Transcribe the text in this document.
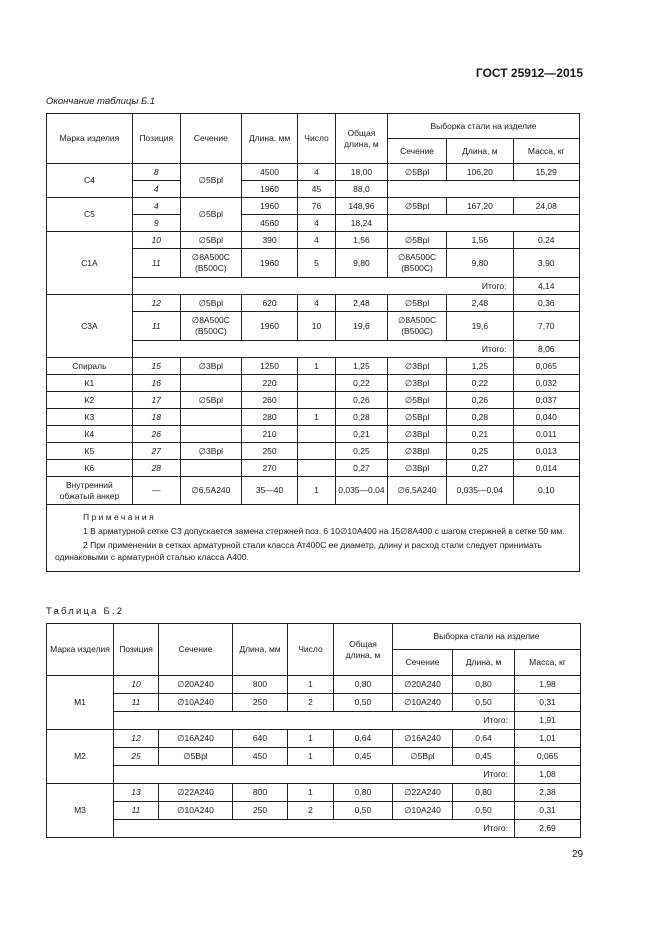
ГОСТ 25912—2015
Окончание таблицы Б.1
Марка изделия	Позиция	Сечение	Длина, мм	Число	Общая длина, м	Выборка стали на изделие		
						Сечение	Длина, м	Масса, кг
С4	8	∅5Bpl	4500	4	18,00	∅5Bpl	106,20	15,29
	4		1960	45	88,0			
С5	4	∅5Bpl	1960	76	148,96	∅5Bpl	167,20	24,08
	9		4560	4	18,24			
С1А	10	∅5Bpl	390	4	1,56	∅5Bpl	1,56	0,24
	11	∅8A500C (B500C)	1960	5	9,80	∅8A500C (B500C)	9,80	3,90
	Итого:							4,14
С3А	12	∅5Bpl	620	4	2,48	∅5Bpl	2,48	0,36
	11	∅8A500C (B500C)	1960	10	19,6	∅8A500C (B500C)	19,6	7,70
	Итого:							8,06
Спираль	15	∅3Bpl	1250	1	1,25	∅3Bpl	1,25	0,065
К1	16		220		0,22	∅3Bpl	0,22	0,032
К2	17	∅5Bpl	260		0,26	∅5Bpl	0,26	0,037
К3	18		280	1	0,28	∅5Bpl	0,28	0,040
К4	26		210		0,21	∅3Bpl	0,21	0,011
К5	27	∅3Bpl	250		0,25	∅3Bpl	0,25	0,013
К6	28		270		0,27	∅3Bpl	0,27	0,014
Внутренний обжатый анкер	—	∅6,5A240	35—40	1	0,035—0,04	∅6,5A240	0,035—0,04	0,10

Примечания

1 В арматурной сетке С3 допускается замена стержней поз. 6 10∅10А400 на 15∅8А400 с шагом стержней в сетке 50 мм.

2 При применении в сетках арматурной стали класса Ат400С ее диаметр, длину и расход стали следует принимать одинаковыми с арматурной сталью класса А400.								

Таблица Б.2
Марка изделия	Позиция	Сечение	Длина, мм	Число	Общая длина, м	Выборка стали на изделие		
						Сечение	Длина, м	Масса, кг
М1	10	∅20А240	800	1	0,80	∅20А240	0,80	1,98
	11	∅10А240	250	2	0,50	∅10А240	0,50	0,31
	Итого:							1,91
М2	12	∅16А240	640	1	0,64	∅16А240	0,64	1,01
	25	∅5Bpl	450	1	0,45	∅5Bpl	0,45	0,065
	Итого:							1,08
М3	13	∅22А240	800	1	0,80	∅22А240	0,80	2,38
	11	∅10А240	250	2	0,50	∅10А240	0,50	0,31
	Итого:							2,69
29
